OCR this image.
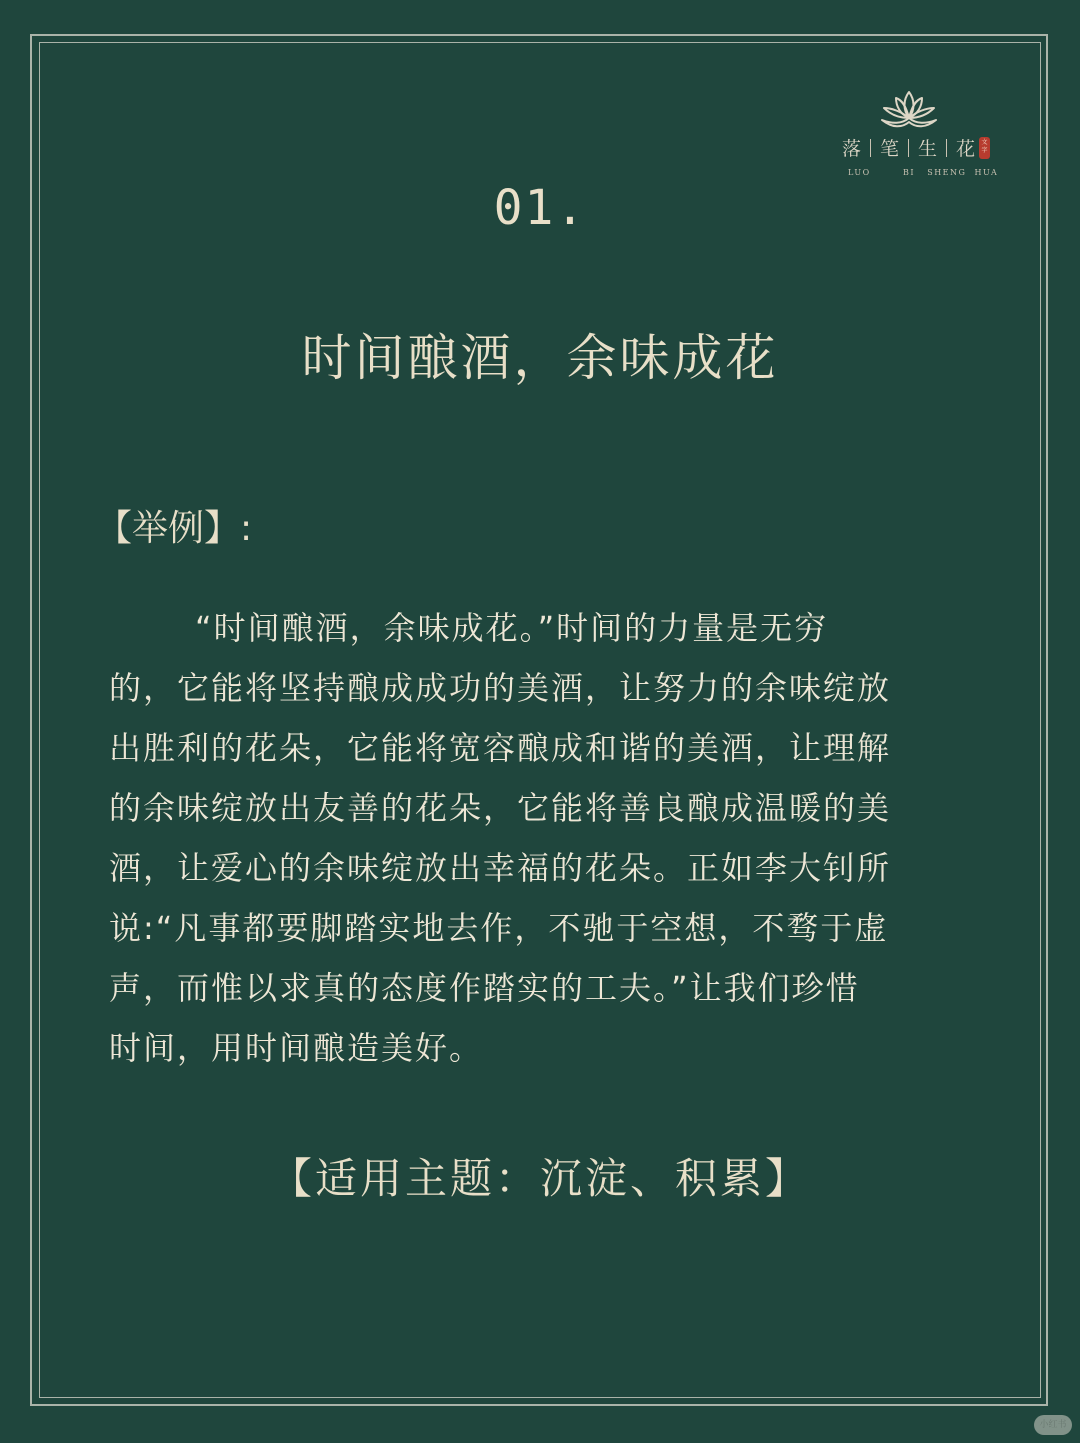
落 笔 生 花	文字
LUO	BI SHENG HUA
01.
时间酿酒，余味成花
【举例】:
“时间酿酒，余味成花。”时间的力量是无穷
的，它能将坚持酿成成功的美酒，让努力的余味绽放
出胜利的花朵，它能将宽容酿成和谐的美酒，让理解
的余味绽放出友善的花朵，它能将善良酿成温暖的美
酒，让爱心的余味绽放出幸福的花朵。正如李大钊所
说:“凡事都要脚踏实地去作，不驰于空想，不骛于虚
声，而惟以求真的态度作踏实的工夫。”让我们珍惜
时间，用时间酿造美好。
【适用主题：沉淀、积累】
小红书
